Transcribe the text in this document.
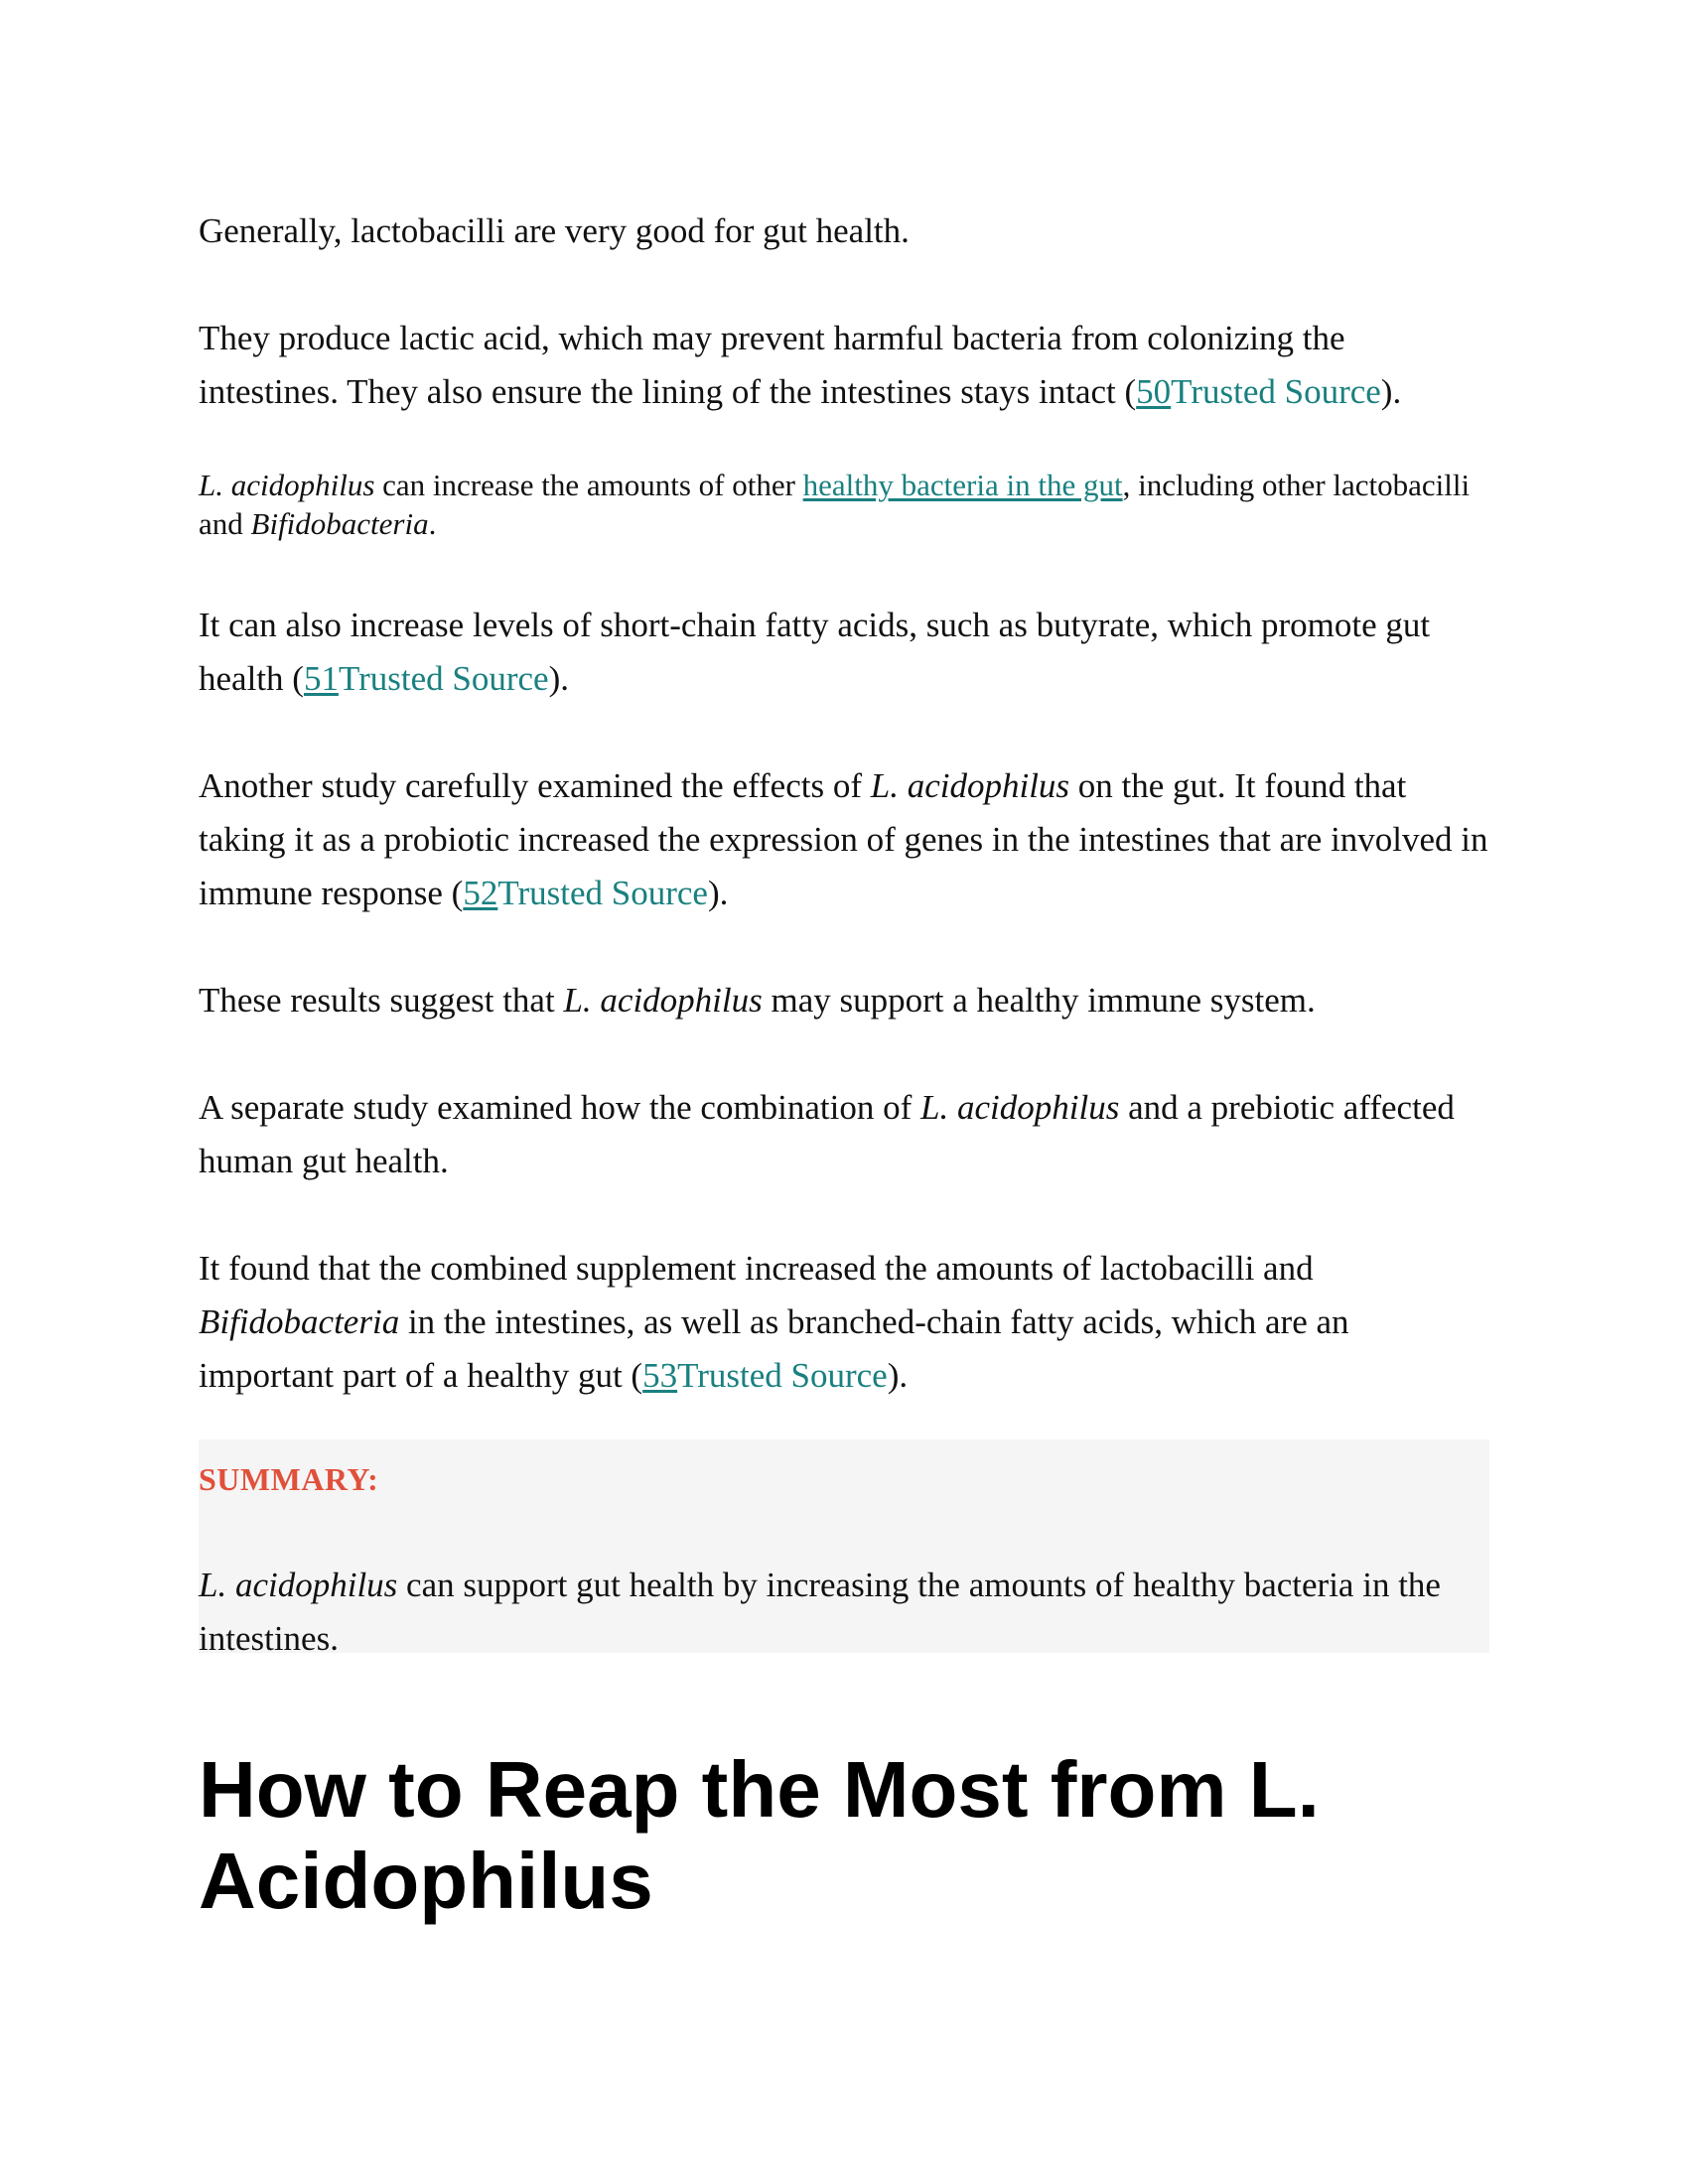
Generally, lactobacilli are very good for gut health.

They produce lactic acid, which may prevent harmful bacteria from colonizing the intestines. They also ensure the lining of the intestines stays intact (50Trusted Source).

L. acidophilus can increase the amounts of other healthy bacteria in the gut, including other lactobacilli and Bifidobacteria.

It can also increase levels of short-chain fatty acids, such as butyrate, which promote gut health (51Trusted Source).

Another study carefully examined the effects of L. acidophilus on the gut. It found that taking it as a probiotic increased the expression of genes in the intestines that are involved in immune response (52Trusted Source).

These results suggest that L. acidophilus may support a healthy immune system.

A separate study examined how the combination of L. acidophilus and a prebiotic affected human gut health.

It found that the combined supplement increased the amounts of lactobacilli and Bifidobacteria in the intestines, as well as branched-chain fatty acids, which are an important part of a healthy gut (53Trusted Source).

SUMMARY:

L. acidophilus can support gut health by increasing the amounts of healthy bacteria in the intestines.

How to Reap the Most from L. Acidophilus
